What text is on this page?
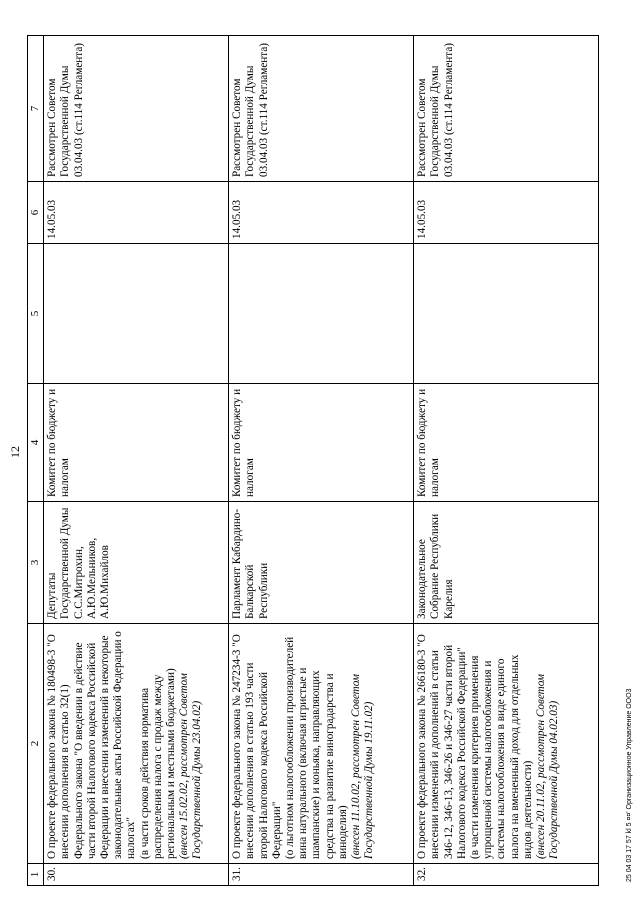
12
1	2	3	4	5	6	7
30.	О проекте федерального закона № 180498-3 "О внесении дополнения в статью 32(1) Федерального закона "О введении в действие части второй Налогового кодекса Российской Федерации и внесении изменений в некоторые законодательные акты Российской Федерации о налогах" (в части сроков действия норматива распределения налога с продаж между региональным и местными бюджетами) (внесен 15.02.02, рассмотрен Советом Государственной Думы 23.04.02)	Депутаты Государственной Думы С.С.Митрохин, А.Ю.Мельников, А.Ю.Михайлов	Комитет по бюджету и налогам		14.05.03	Рассмотрен Советом Государственной Думы 03.04.03 (ст.114 Регламента)
31.	О проекте федерального закона № 247234-3 "О внесении дополнения в статью 193 части второй Налогового кодекса Российской Федерации" (о льготном налогообложении производителей вина натурального (включая игристые и шампанские) и коньяка, направляющих средства на развитие виноградарства и виноделия) (внесен 11.10.02, рассмотрен Советом Государственной Думы 19.11.02)	Парламент Кабардино-Балкарской Республики	Комитет по бюджету и налогам		14.05.03	Рассмотрен Советом Государственной Думы 03.04.03 (ст.114 Регламента)
32.	О проекте федерального закона № 266180-3 "О внесении изменений и дополнений в статьи 346-12, 346-13, 346-26 и 346-27 части второй Налогового кодекса Российской Федерации" (в части изменения критериев применения упрощенной системы налогообложения и системы налогообложения в виде единого налога на вмененный доход для отдельных видов деятельности) (внесен 20.11.02, рассмотрен Советом Государственной Думы 04.02.03)	Законодательное Собрание Республики Карелия	Комитет по бюджету и налогам		14.05.03	Рассмотрен Советом Государственной Думы 03.04.03 (ст.114 Регламента)
25 04 03 17 57 kl 5 ¤¤' Организационное Управление ООО3
